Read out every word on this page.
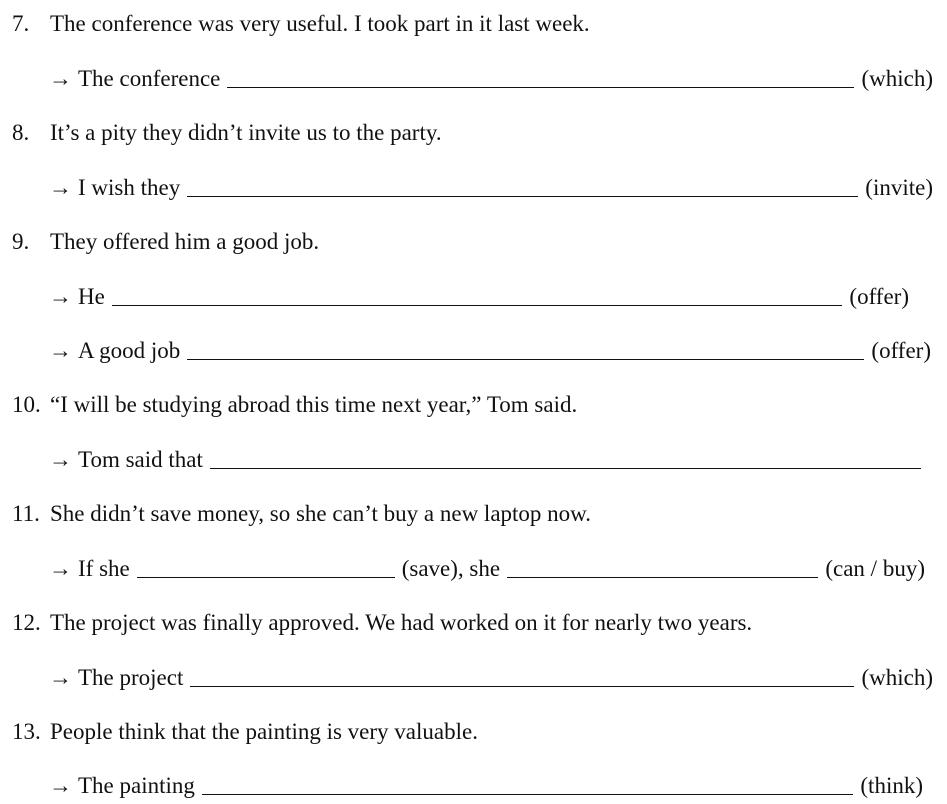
7. The conference was very useful. I took part in it last week.
→ The conference	(which)
8. It’s a pity they didn’t invite us to the party.
→ I wish they	(invite)
9. They offered him a good job.
→ He	(offer)
→ A good job	(offer)
10. “I will be studying abroad this time next year,” Tom said.
→ Tom said that
11. She didn’t save money, so she can’t buy a new laptop now.
→ If she	(save), she	(can / buy)
12. The project was finally approved. We had worked on it for nearly two years.
→ The project	(which)
13. People think that the painting is very valuable.
→ The painting	(think)
